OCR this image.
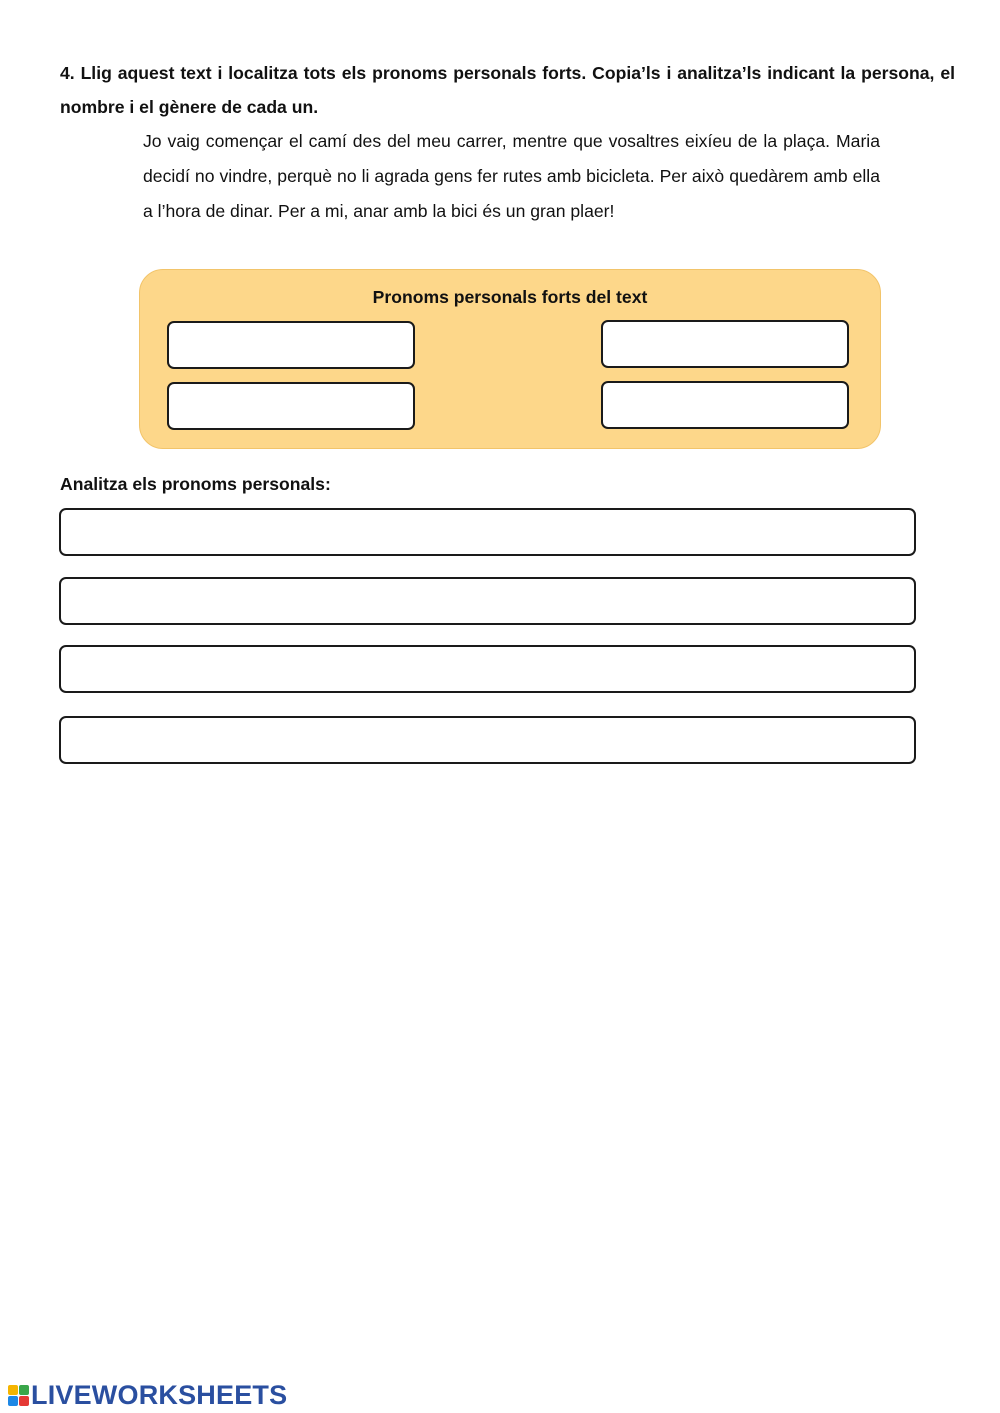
4. Llig aquest text i localitza tots els pronoms personals forts. Copia’ls i analitza’ls indicant la persona, el nombre i el gènere de cada un.
Jo vaig començar el camí des del meu carrer, mentre que vosaltres eixíeu de la plaça. Maria decidí no vindre, perquè no li agrada gens fer rutes amb bicicleta. Per això quedàrem amb ella a l’hora de dinar. Per a mi, anar amb la bici és un gran plaer!
Pronoms personals forts del text
Analitza els pronoms personals:
LIVEWORKSHEETS
